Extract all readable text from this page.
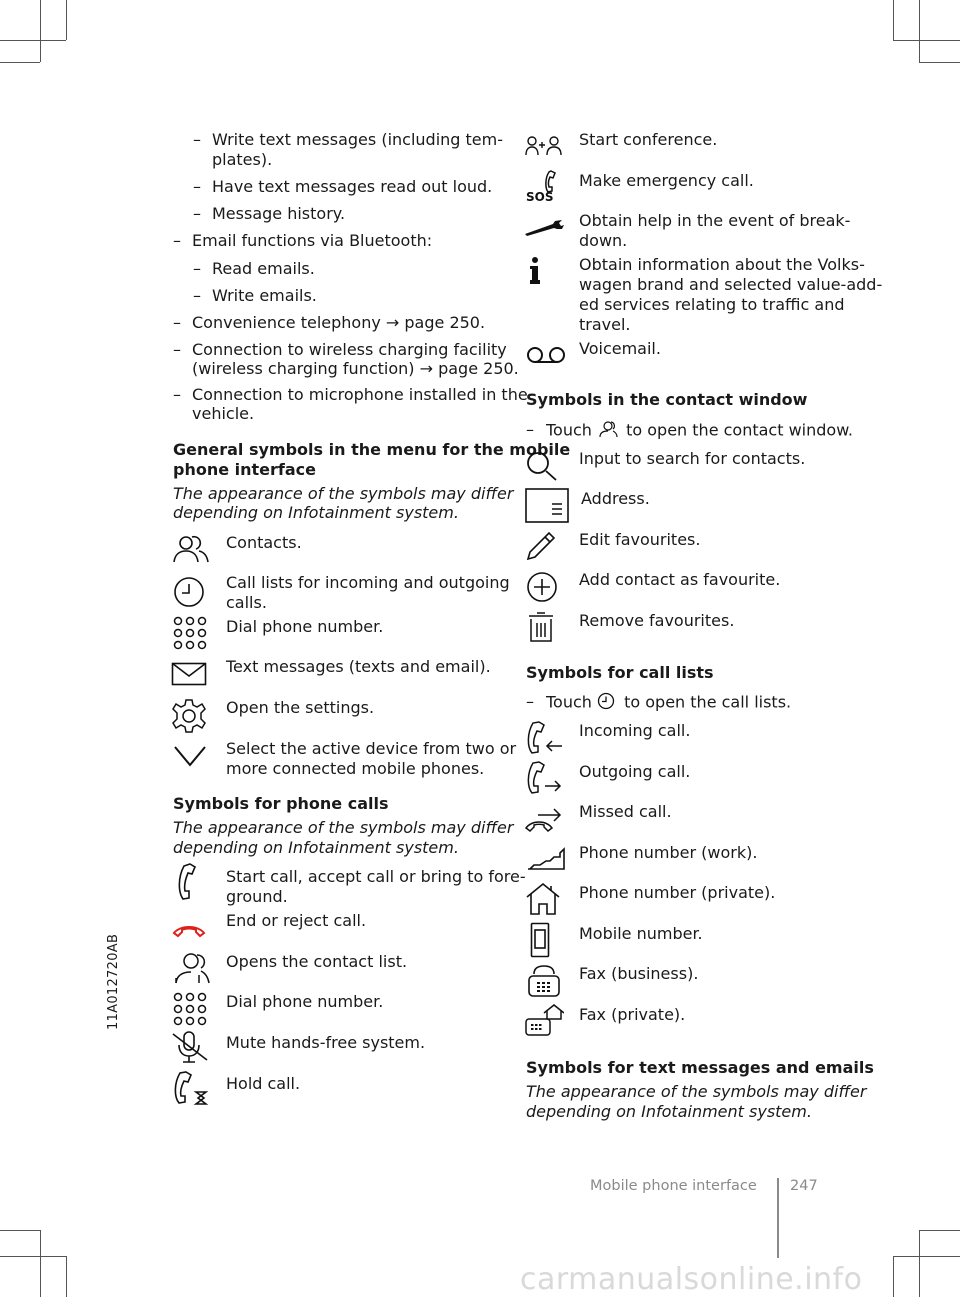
11A012720AB
– Write text messages (including tem-

plates).

– Have text messages read out loud.

– Message history.

– Email functions via Bluetooth:

– Read emails.

– Write emails.

– Convenience telephony → page 250.

– Connection to wireless charging facility

(wireless charging function) → page 250.

– Connection to microphone installed in the

vehicle.

General symbols in the menu for the mobile

phone interface

The appearance of the symbols may differ

depending on Infotainment system.

Contacts.

Call lists for incoming and outgoing

calls.

Dial phone number.

Text messages (texts and email).

Open the settings.

Select the active device from two or

more connected mobile phones.

Symbols for phone calls

The appearance of the symbols may differ

depending on Infotainment system.

Start call, accept call or bring to fore-

ground.

End or reject call.

Opens the contact list.

Dial phone number.

Mute hands-free system.

Hold call.

Start conference.

SOS

Make emergency call.

Obtain help in the event of break-

down.

Obtain information about the Volks-

wagen brand and selected value-add-

ed services relating to traffic and

travel.

Voicemail.

Symbols in the contact window

– Touch to open the contact window.

Input to search for contacts.

Address.

Edit favourites.

Add contact as favourite.

Remove favourites.

Symbols for call lists

– Touch to open the call lists.

Incoming call.

Outgoing call.

Missed call.

Phone number (work).

Phone number (private).

Mobile number.

Fax (business).

Fax (private).

Symbols for text messages and emails

The appearance of the symbols may differ

depending on Infotainment system.

Mobile phone interface 247
carmanualsonline.info
